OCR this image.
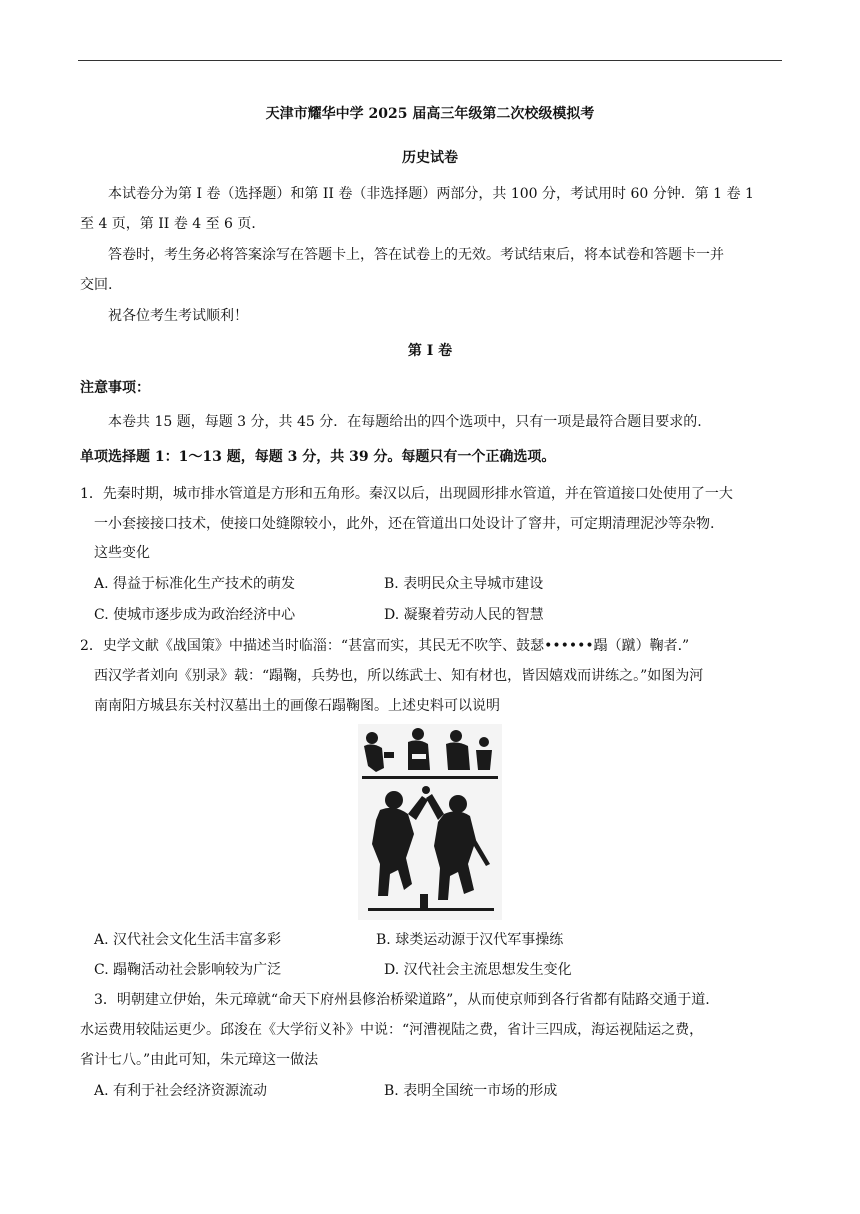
天津市耀华中学 2025 届高三年级第二次校级模拟考
历史试卷
本试卷分为第 I 卷（选择题）和第 II 卷（非选择题）两部分，共 100 分，考试用时 60 分钟．第 1 卷 1
至 4 页，第 II 卷 4 至 6 页．
答卷时，考生务必将答案涂写在答题卡上，答在试卷上的无效。考试结束后，将本试卷和答题卡一并
交回.
祝各位考生考试顺利！
第 I 卷
注意事项：
本卷共 15 题，每题 3 分，共 45 分．在每题给出的四个选项中，只有一项是最符合题目要求的.
单项选择题 1：1～13 题，每题 3 分，共 39 分。每题只有一个正确选项。
1．先秦时期，城市排水管道是方形和五角形。秦汉以后，出现圆形排水管道，并在管道接口处使用了一大
一小套接接口技术，使接口处缝隙较小，此外，还在管道出口处设计了窨井，可定期清理泥沙等杂物.
这些变化
A. 得益于标准化生产技术的萌发	B. 表明民众主导城市建设
C. 使城市逐步成为政治经济中心	D. 凝聚着劳动人民的智慧
2．史学文献《战国策》中描述当时临淄：“甚富而实，其民无不吹竽、鼓瑟••••••蹋（蹴）鞠者.”
西汉学者刘向《别录》载：“蹋鞠，兵势也，所以练武士、知有材也，皆因嬉戏而讲练之。”如图为河
南南阳方城县东关村汉墓出土的画像石蹋鞠图。上述史料可以说明
A. 汉代社会文化生活丰富多彩	B. 球类运动源于汉代军事操练
C. 蹋鞠活动社会影响较为广泛	D. 汉代社会主流思想发生变化
3．明朝建立伊始，朱元璋就“命天下府州县修治桥梁道路”，从而使京师到各行省都有陆路交通于道.
水运费用较陆运更少。邱浚在《大学衍义补》中说：“河漕视陆之费，省计三四成，海运视陆运之费，
省计七八。”由此可知，朱元璋这一做法
A. 有利于社会经济资源流动	B. 表明全国统一市场的形成
